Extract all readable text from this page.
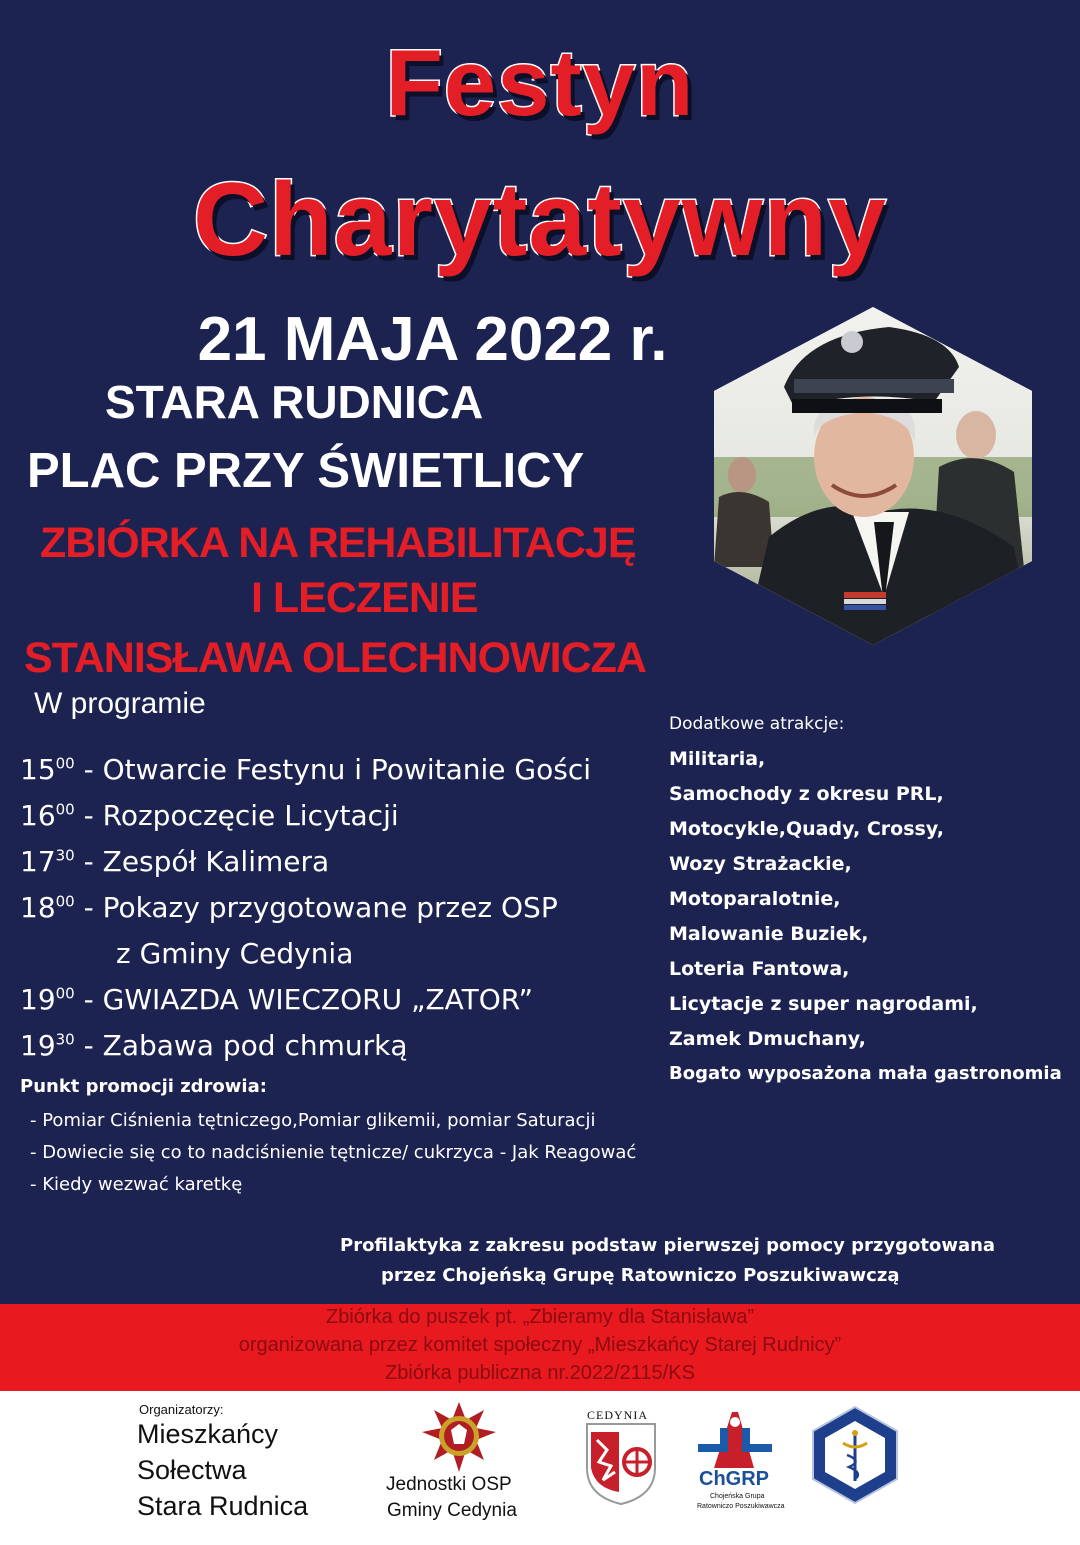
Festyn
Charytatywny
21 MAJA 2022 r.
STARA RUDNICA
PLAC PRZY ŚWIETLICY
ZBIÓRKA NA REHABILITACJĘ
I LECZENIE
STANISŁAWA OLECHNOWICZA
W programie
$15^{00}$ - Otwarcie Festynu i Powitanie Gości
$16^{00}$ - Rozpoczęcie Licytacji
$17^{30}$ - Zespół Kalimera
$18^{00}$ - Pokazy przygotowane przez OSP
z Gminy Cedynia
$19^{00}$ - GWIAZDA WIECZORU „ZATOR”
$19^{30}$ - Zabawa pod chmurką
Dodatkowe atrakcje:
Militaria,
Samochody z okresu PRL,
Motocykle,Quady, Crossy,
Wozy Strażackie,
Motoparalotnie,
Malowanie Buziek,
Loteria Fantowa,
Licytacje z super nagrodami,
Zamek Dmuchany,
Bogato wyposażona mała gastronomia
Punkt promocji zdrowia:
- Pomiar Ciśnienia tętniczego,Pomiar glikemii, pomiar Saturacji
- Dowiecie się co to nadciśnienie tętnicze/ cukrzyca - Jak Reagować
- Kiedy wezwać karetkę
Profilaktyka z zakresu podstaw pierwszej pomocy przygotowana
przez Chojeńską Grupę Ratowniczo Poszukiwawczą
Zbiórka do puszek pt. „Zbieramy dla Stanisława”
organizowana przez komitet społeczny „Mieszkańcy Starej Rudnicy”
Zbiórka publiczna nr.2022/2115/KS
Organizatorzy:
Mieszkańcy
Sołectwa
Stara Rudnica
Jednostki OSP
Gminy Cedynia
CEDYNIA
ChGRP
Chojeńska Grupa
Ratowniczo Poszukiwawcza
